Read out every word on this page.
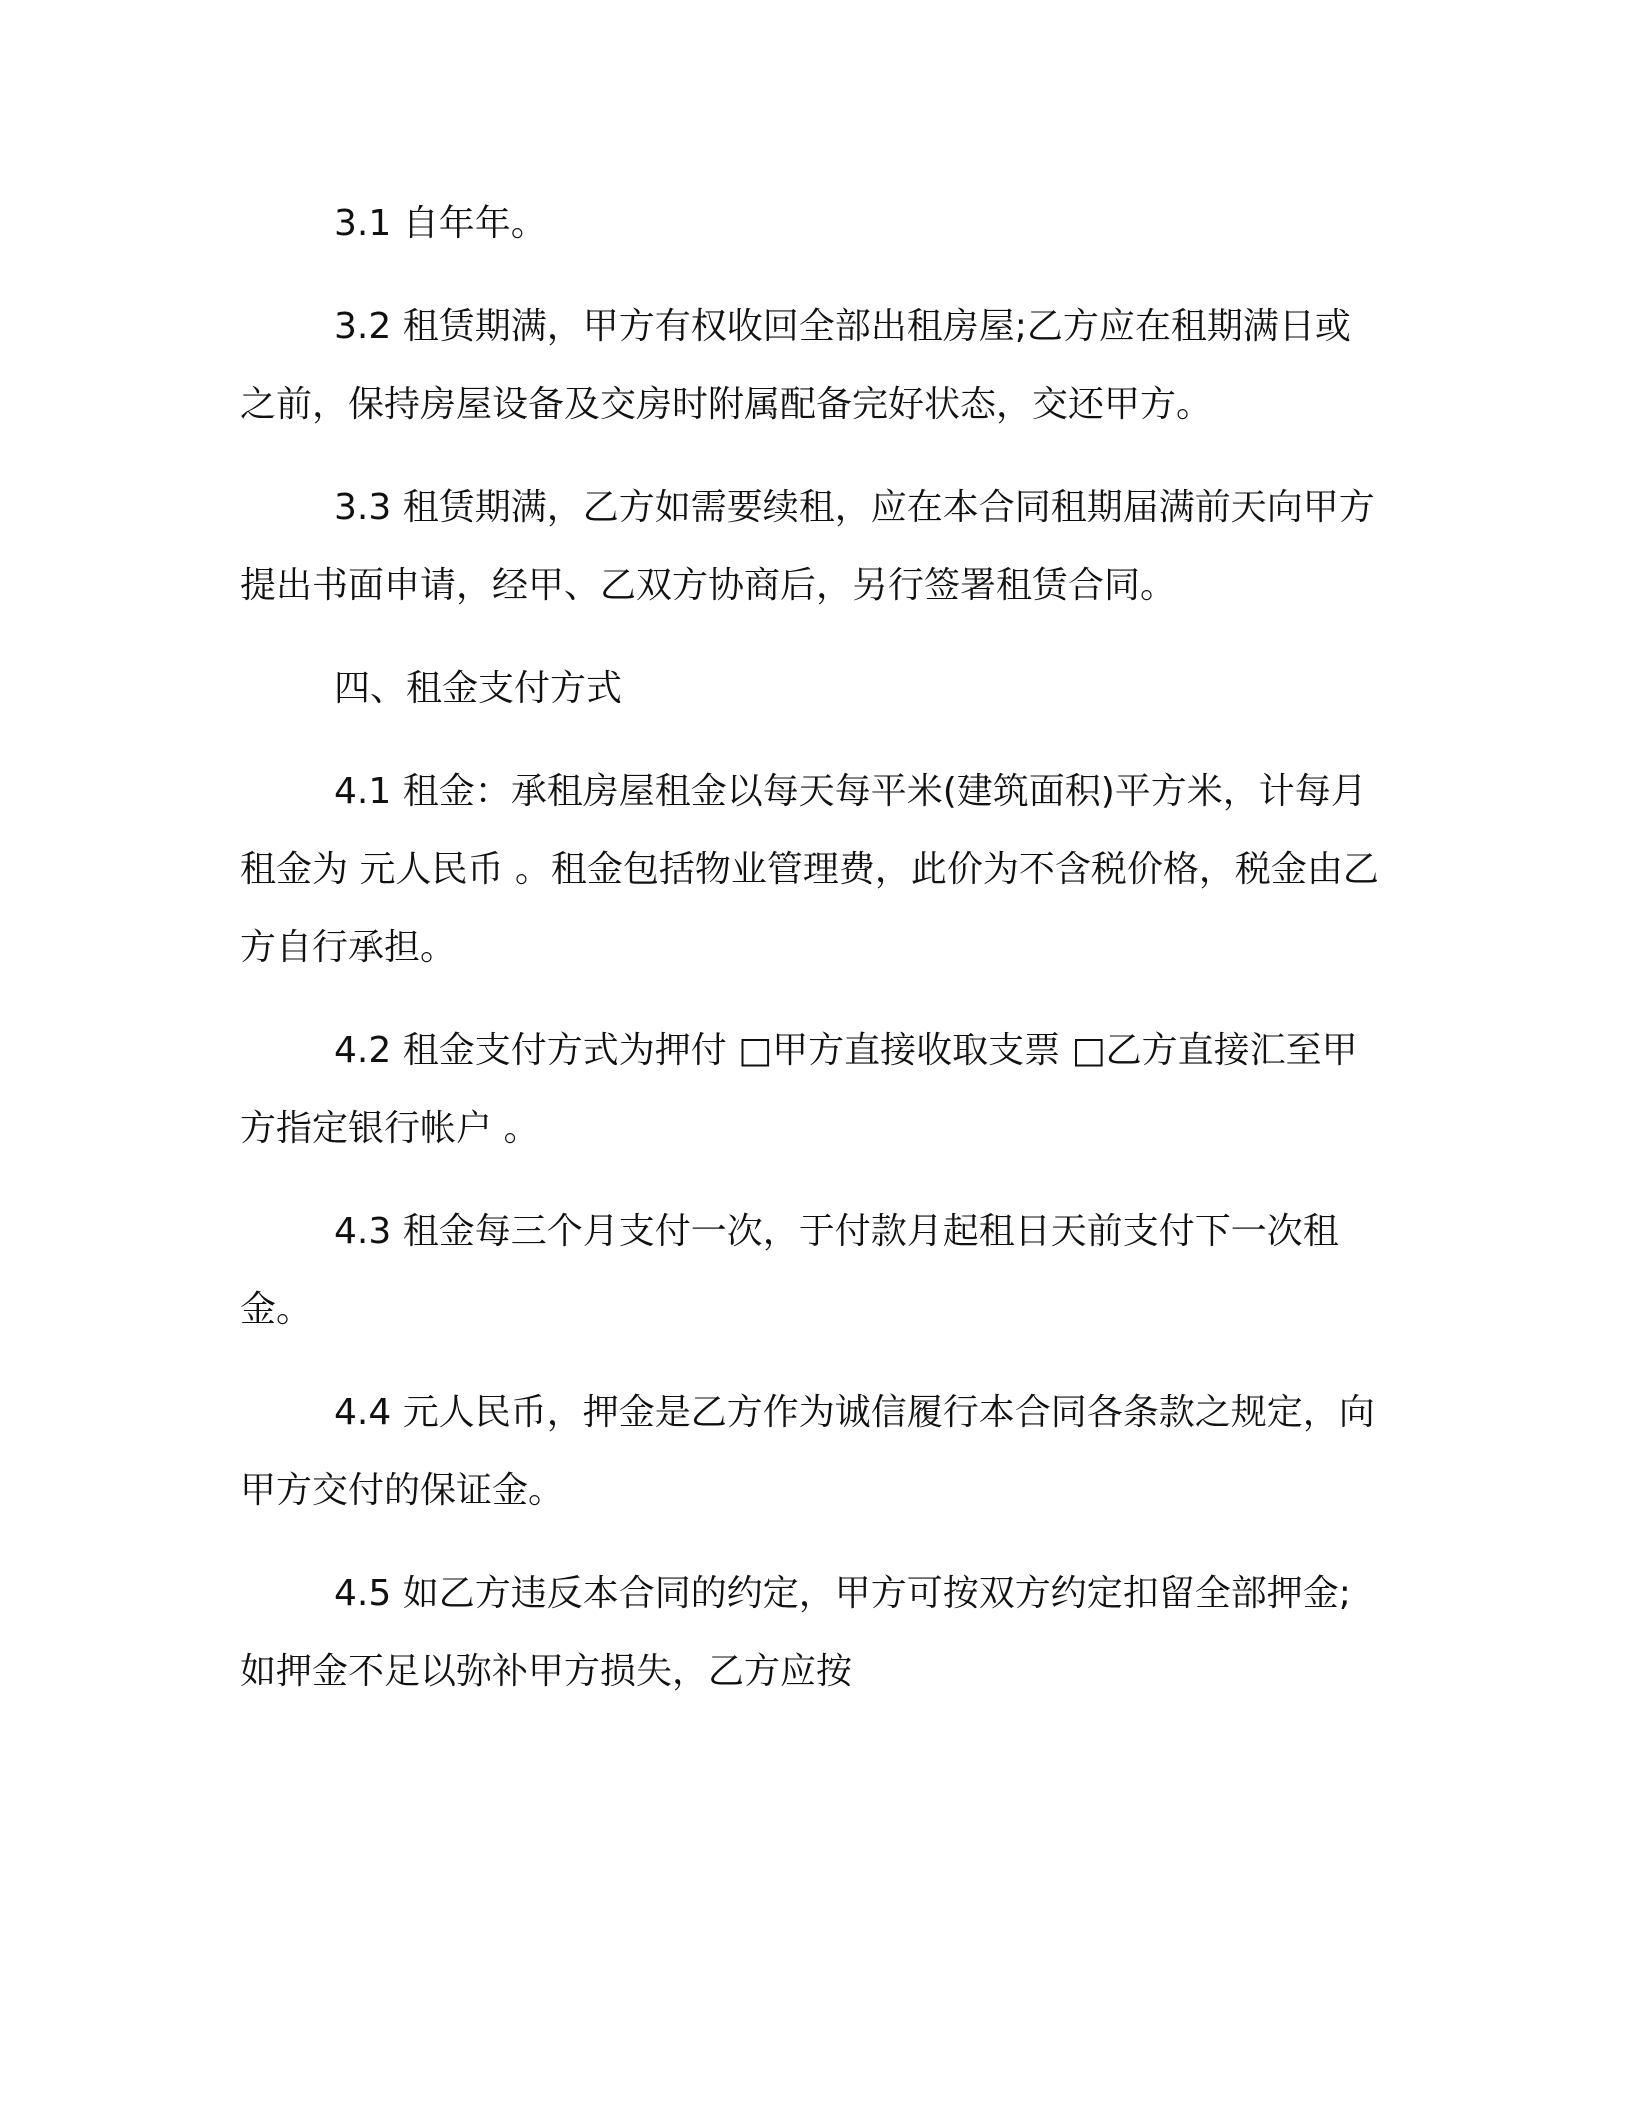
3.1 自年年。

3.2 租赁期满，甲方有权收回全部出租房屋;乙方应在租期满日或之前，保持房屋设备及交房时附属配备完好状态，交还甲方。

3.3 租赁期满，乙方如需要续租，应在本合同租期届满前天向甲方提出书面申请，经甲、乙双方协商后，另行签署租赁合同。

四、租金支付方式

4.1 租金：承租房屋租金以每天每平米(建筑面积)平方米，计每月租金为 元人民币 。租金包括物业管理费，此价为不含税价格，税金由乙方自行承担。

4.2 租金支付方式为押付 □甲方直接收取支票 □乙方直接汇至甲方指定银行帐户 。

4.3 租金每三个月支付一次，于付款月起租日天前支付下一次租金。

4.4 元人民币，押金是乙方作为诚信履行本合同各条款之规定，向甲方交付的保证金。

4.5 如乙方违反本合同的约定，甲方可按双方约定扣留全部押金;如押金不足以弥补甲方损失，乙方应按
